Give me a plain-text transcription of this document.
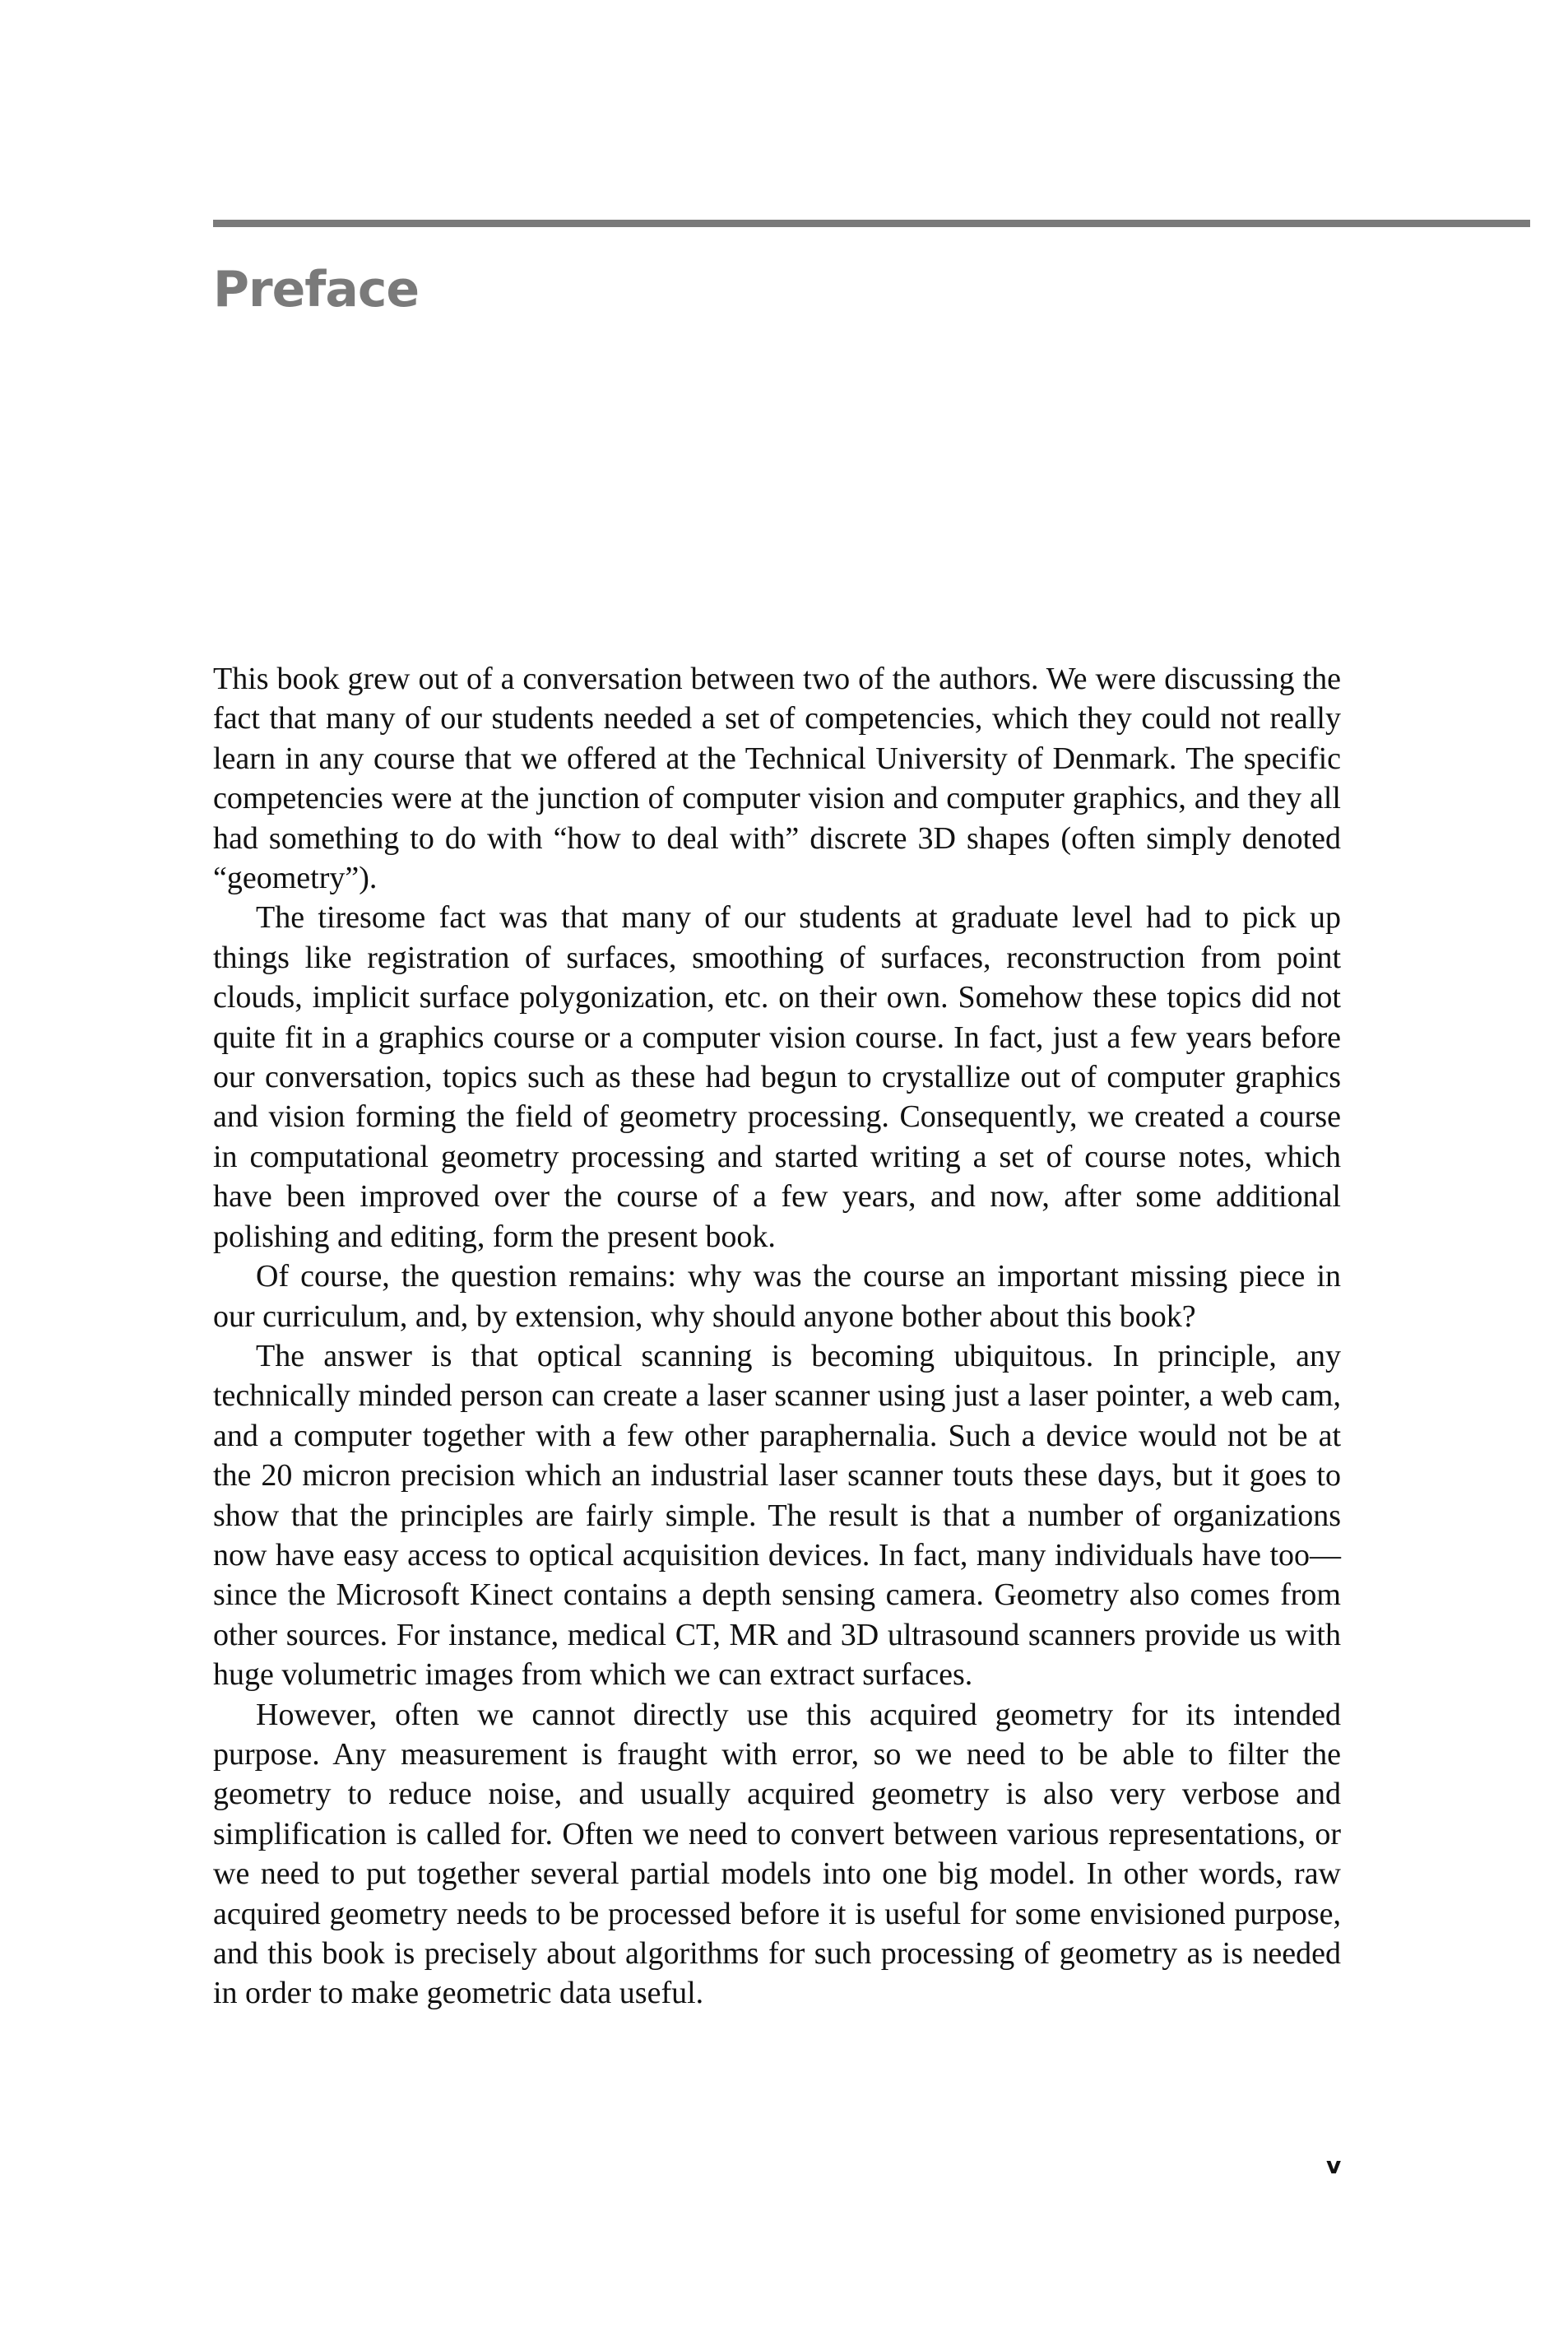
Preface

This book grew out of a conversation between two of the authors. We were discussing the fact that many of our students needed a set of competencies, which they could not really learn in any course that we offered at the Technical University of Denmark. The specific competencies were at the junction of computer vision and computer graphics, and they all had something to do with “how to deal with” discrete 3D shapes (often simply denoted “geometry”).

The tiresome fact was that many of our students at graduate level had to pick up things like registration of surfaces, smoothing of surfaces, reconstruction from point clouds, implicit surface polygonization, etc. on their own. Somehow these topics did not quite fit in a graphics course or a computer vision course. In fact, just a few years before our conversation, topics such as these had begun to crystallize out of computer graphics and vision forming the field of geometry processing. Consequently, we created a course in computational geometry processing and started writing a set of course notes, which have been improved over the course of a few years, and now, after some additional polishing and editing, form the present book.

Of course, the question remains: why was the course an important missing piece in our curriculum, and, by extension, why should anyone bother about this book?

The answer is that optical scanning is becoming ubiquitous. In principle, any technically minded person can create a laser scanner using just a laser pointer, a web cam, and a computer together with a few other paraphernalia. Such a device would not be at the 20 micron precision which an industrial laser scanner touts these days, but it goes to show that the principles are fairly simple. The result is that a number of organizations now have easy access to optical acquisition devices. In fact, many individuals have too—since the Microsoft Kinect contains a depth sensing camera. Geometry also comes from other sources. For instance, medical CT, MR and 3D ultrasound scanners provide us with huge volumetric images from which we can extract surfaces.

However, often we cannot directly use this acquired geometry for its intended purpose. Any measurement is fraught with error, so we need to be able to filter the geometry to reduce noise, and usually acquired geometry is also very verbose and simplification is called for. Often we need to convert between various representations, or we need to put together several partial models into one big model. In other words, raw acquired geometry needs to be processed before it is useful for some envisioned purpose, and this book is precisely about algorithms for such processing of geometry as is needed in order to make geometric data useful.

v
